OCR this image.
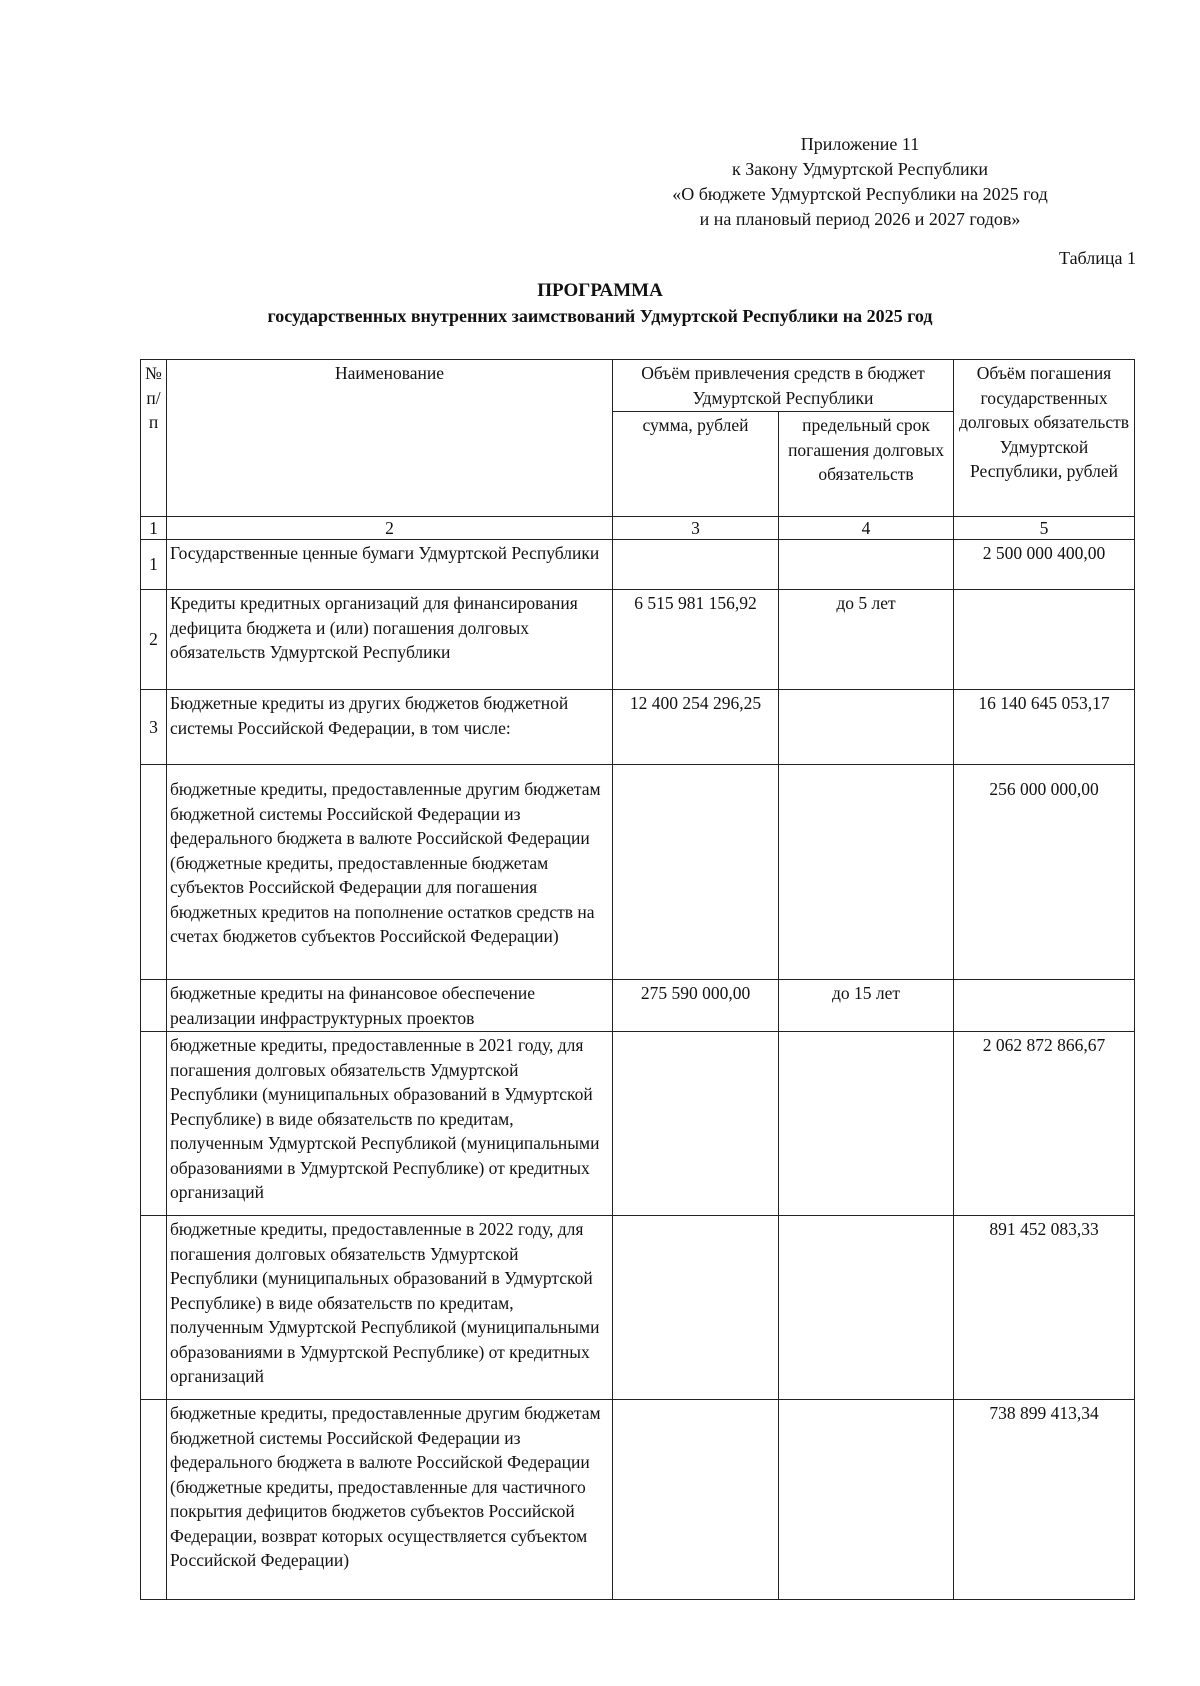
Приложение 11
к Закону Удмуртской Республики
«О бюджете Удмуртской Республики на 2025 год
и на плановый период 2026 и 2027 годов»
Таблица 1
ПРОГРАММА
государственных внутренних заимствований Удмуртской Республики на 2025 год
№ п/п	Наименование	Объём привлечения средств в бюджет Удмуртской Республики		Объём погашения государственных долговых обязательств Удмуртской Республики, рублей
		сумма, рублей	предельный срок погашения долговых обязательств	
1	2	3	4	5
1	Государственные ценные бумаги Удмуртской Республики			2 500 000 400,00
2	Кредиты кредитных организаций для финансирования дефицита бюджета и (или) погашения долговых обязательств Удмуртской Республики	6 515 981 156,92	до 5 лет	
3	Бюджетные кредиты из других бюджетов бюджетной системы Российской Федерации, в том числе:	12 400 254 296,25		16 140 645 053,17
	бюджетные кредиты, предоставленные другим бюджетам бюджетной системы Российской Федерации из федерального бюджета в валюте Российской Федерации (бюджетные кредиты, предоставленные бюджетам субъектов Российской Федерации для погашения бюджетных кредитов на пополнение остатков средств на счетах бюджетов субъектов Российской Федерации)			256 000 000,00
	бюджетные кредиты на финансовое обеспечение реализации инфраструктурных проектов	275 590 000,00	до 15 лет	
	бюджетные кредиты, предоставленные в 2021 году, для погашения долговых обязательств Удмуртской Республики (муниципальных образований в Удмуртской Республике) в виде обязательств по кредитам, полученным Удмуртской Республикой (муниципальными образованиями в Удмуртской Республике) от кредитных организаций			2 062 872 866,67
	бюджетные кредиты, предоставленные в 2022 году, для погашения долговых обязательств Удмуртской Республики (муниципальных образований в Удмуртской Республике) в виде обязательств по кредитам, полученным Удмуртской Республикой (муниципальными образованиями в Удмуртской Республике) от кредитных организаций			891 452 083,33
	бюджетные кредиты, предоставленные другим бюджетам бюджетной системы Российской Федерации из федерального бюджета в валюте Российской Федерации (бюджетные кредиты, предоставленные для частичного покрытия дефицитов бюджетов субъектов Российской Федерации, возврат которых осуществляется субъектом Российской Федерации)			738 899 413,34
